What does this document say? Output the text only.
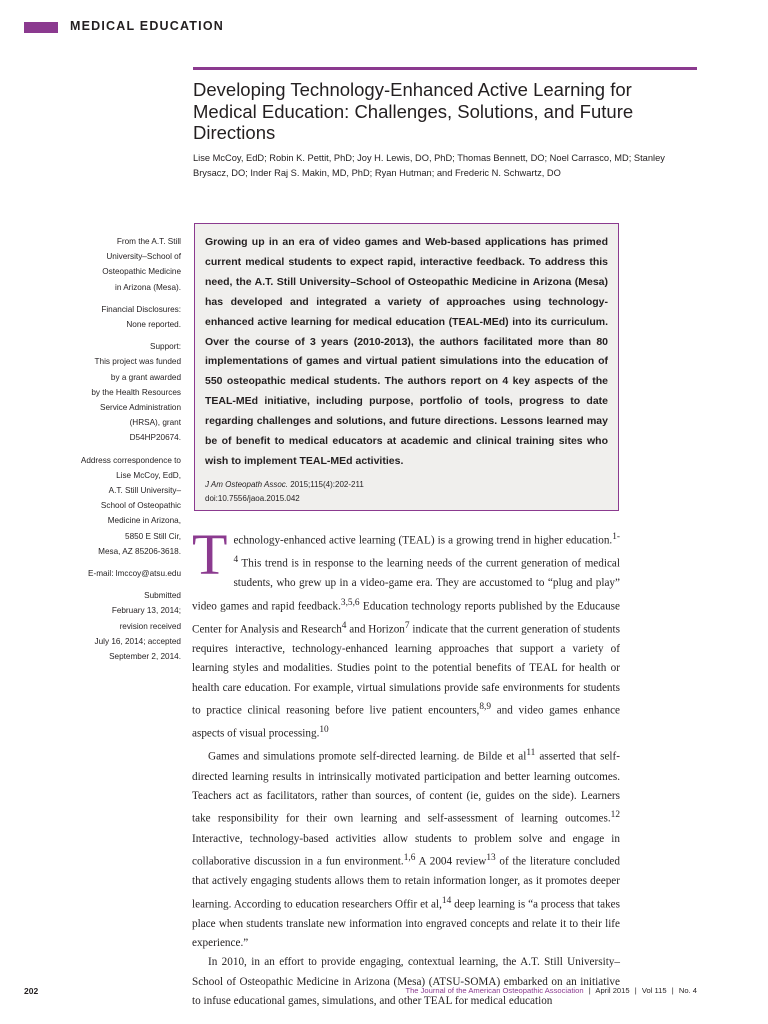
MEDICAL EDUCATION
Developing Technology-Enhanced Active Learning for Medical Education: Challenges, Solutions, and Future Directions

Lise McCoy, EdD; Robin K. Pettit, PhD; Joy H. Lewis, DO, PhD; Thomas Bennett, DO; Noel Carrasco, MD; Stanley Brysacz, DO; Inder Raj S. Makin, MD, PhD; Ryan Hutman; and Frederic N. Schwartz, DO

From the A.T. Still
University–School of
Osteopathic Medicine
in Arizona (Mesa).

Financial Disclosures:
None reported.

Support:
This project was funded
by a grant awarded
by the Health Resources
Service Administration
(HRSA), grant
D54HP20674.

Address correspondence to
Lise McCoy, EdD,
A.T. Still University–
School of Osteopathic
Medicine in Arizona,
5850 E Still Cir,
Mesa, AZ 85206-3618.

E-mail: lmccoy@atsu.edu

Submitted
February 13, 2014;
revision received
July 16, 2014; accepted
September 2, 2014.

Growing up in an era of video games and Web-based applications has primed current medical students to expect rapid, interactive feedback. To address this need, the A.T. Still University–School of Osteopathic Medicine in Arizona (Mesa) has developed and integrated a variety of approaches using technology-enhanced active learning for medical education (TEAL-MEd) into its curriculum. Over the course of 3 years (2010-2013), the authors facilitated more than 80 implementations of games and virtual patient simulations into the education of 550 osteopathic medical students. The authors report on 4 key aspects of the TEAL-MEd initiative, including purpose, portfolio of tools, progress to date regarding challenges and solutions, and future directions. Lessons learned may be of benefit to medical educators at academic and clinical training sites who wish to implement TEAL-MEd activities.

J Am Osteopath Assoc. 2015;115(4):202-211
doi:10.7556/jaoa.2015.042

Technology-enhanced active learning (TEAL) is a growing trend in higher education.$^{1-4}$ This trend is in response to the learning needs of the current generation of medical students, who grew up in a video-game era. They are accustomed to “plug and play” video games and rapid feedback.$^{3,5,6}$ Education technology reports published by the Educause Center for Analysis and Research$^4$ and Horizon$^7$ indicate that the current generation of students requires interactive, technology-enhanced learning approaches that support a variety of learning styles and modalities. Studies point to the potential benefits of TEAL for health or health care education. For example, virtual simulations provide safe environments for students to practice clinical reasoning before live patient encounters,$^{8,9}$ and video games enhance aspects of visual processing.$^{10}$

Games and simulations promote self-directed learning. de Bilde et $al^{11}$ asserted that self-directed learning results in intrinsically motivated participation and better learning outcomes. Teachers act as facilitators, rather than sources, of content (ie, guides on the side). Learners take responsibility for their own learning and self-assessment of learning outcomes.$^{12}$ Interactive, technology-based activities allow students to problem solve and engage in collaborative discussion in a fun environment.$^{1,6}$ A 2004 review$^{13}$ of the literature concluded that actively engaging students allows them to retain information longer, as it promotes deeper learning. According to education researchers Offir et al,$^{14}$ deep learning is “a process that takes place when students translate new information into engraved concepts and relate it to their life experience.”

In 2010, in an effort to provide engaging, contextual learning, the A.T. Still University–School of Osteopathic Medicine in Arizona (Mesa) (ATSU-SOMA) embarked on an initiative to infuse educational games, simulations, and other TEAL for medical education

202	The Journal of the American Osteopathic Association | April 2015 | Vol 115 | No. 4
